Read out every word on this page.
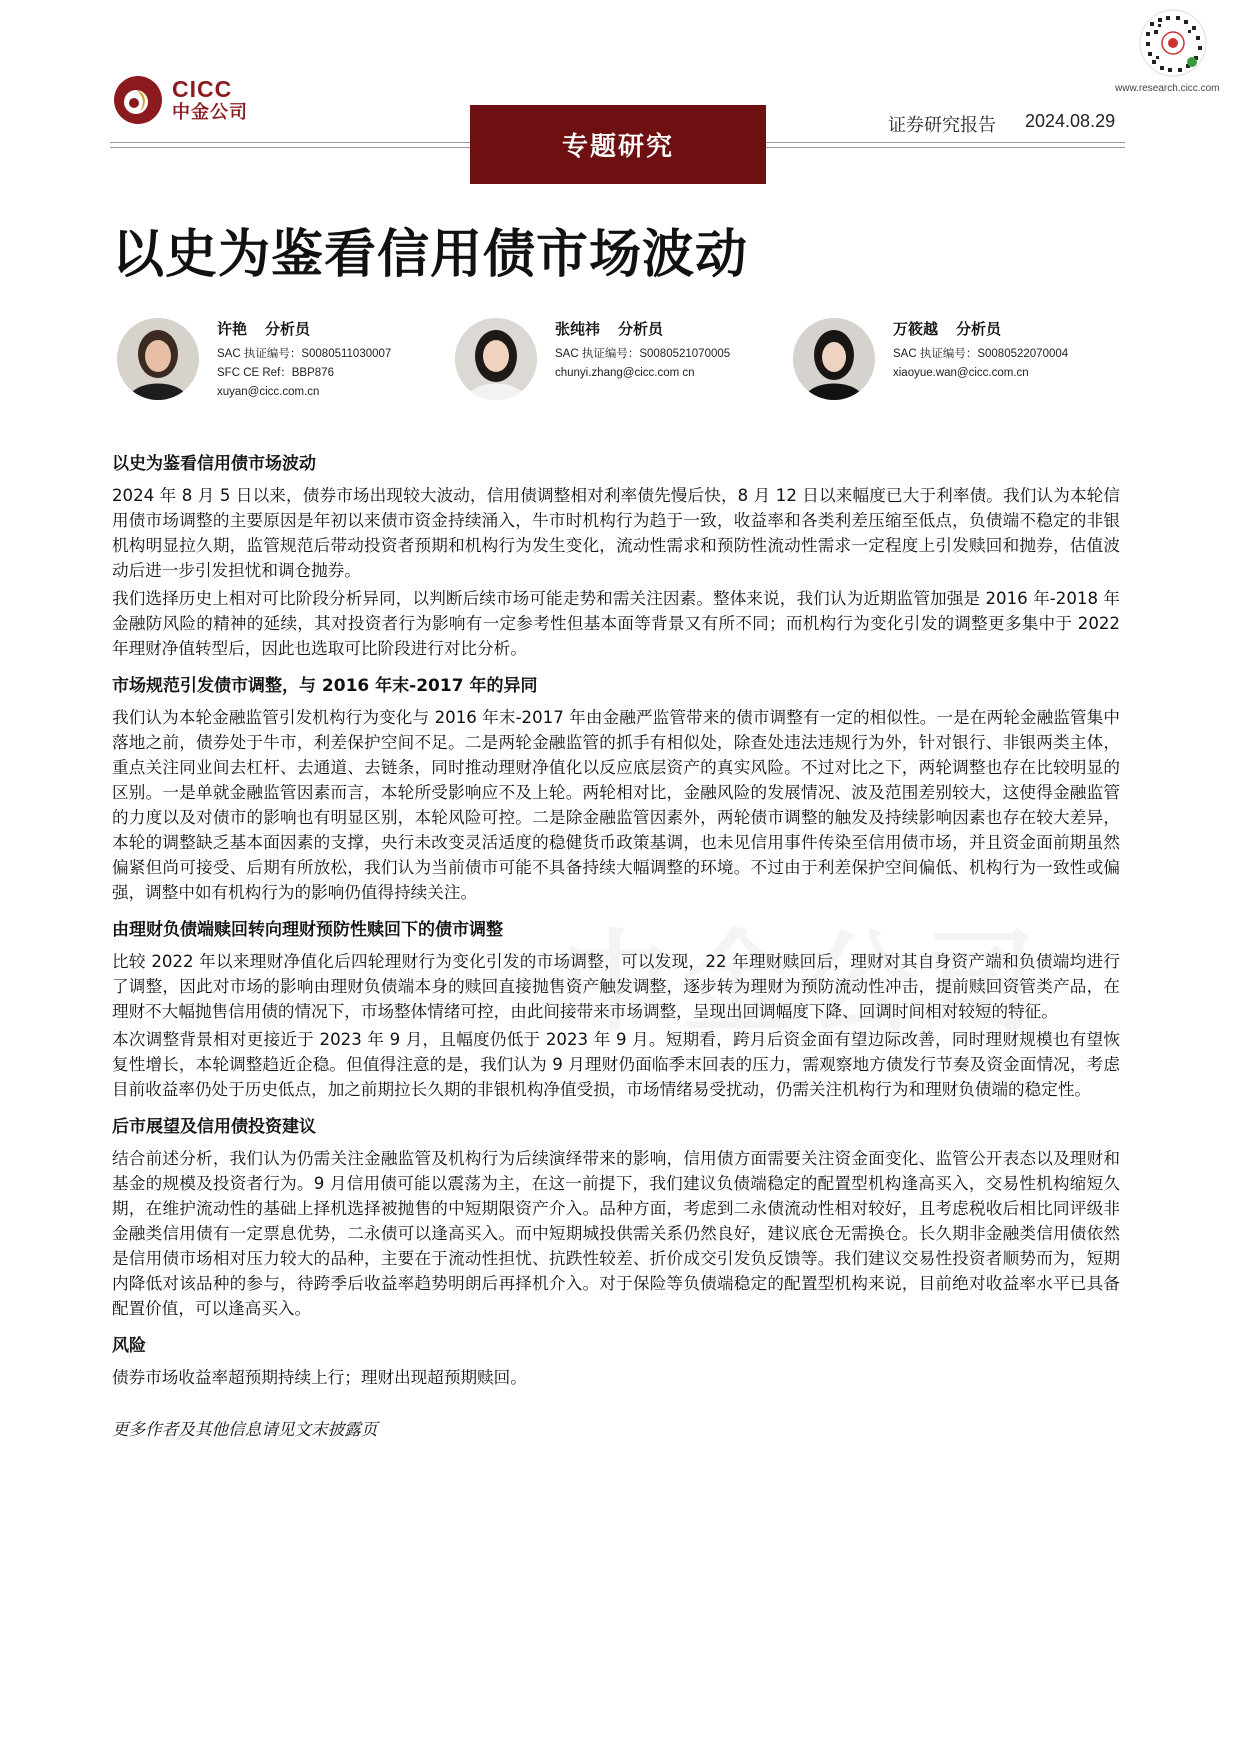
CICC
中金公司
www.research.cicc.com
专题研究
证券研究报告 2024.08.29
以史为鉴看信用债市场波动
许艳 分析员
SAC 执证编号：S0080511030007
SFC CE Ref：BBP876
xuyan@cicc.com.cn
张纯祎 分析员
SAC 执证编号：S0080521070005
chunyi.zhang@cicc.com cn
万筱越 分析员
SAC 执证编号：S0080522070004
xiaoyue.wan@cicc.com.cn
以史为鉴看信用债市场波动
2024 年 8 月 5 日以来，债券市场出现较大波动，信用债调整相对利率债先慢后快，8 月 12 日以来幅度已大于利率债。我们认为本轮信用债市场调整的主要原因是年初以来债市资金持续涌入，牛市时机构行为趋于一致，收益率和各类利差压缩至低点，负债端不稳定的非银机构明显拉久期，监管规范后带动投资者预期和机构行为发生变化，流动性需求和预防性流动性需求一定程度上引发赎回和抛券，估值波动后进一步引发担忧和调仓抛券。
我们选择历史上相对可比阶段分析异同，以判断后续市场可能走势和需关注因素。整体来说，我们认为近期监管加强是 2016 年-2018 年金融防风险的精神的延续，其对投资者行为影响有一定参考性但基本面等背景又有所不同；而机构行为变化引发的调整更多集中于 2022 年理财净值转型后，因此也选取可比阶段进行对比分析。
市场规范引发债市调整，与 2016 年末-2017 年的异同
我们认为本轮金融监管引发机构行为变化与 2016 年末-2017 年由金融严监管带来的债市调整有一定的相似性。一是在两轮金融监管集中落地之前，债券处于牛市，利差保护空间不足。二是两轮金融监管的抓手有相似处，除查处违法违规行为外，针对银行、非银两类主体，重点关注同业间去杠杆、去通道、去链条，同时推动理财净值化以反应底层资产的真实风险。不过对比之下，两轮调整也存在比较明显的区别。一是单就金融监管因素而言，本轮所受影响应不及上轮。两轮相对比，金融风险的发展情况、波及范围差别较大，这使得金融监管的力度以及对债市的影响也有明显区别，本轮风险可控。二是除金融监管因素外，两轮债市调整的触发及持续影响因素也存在较大差异，本轮的调整缺乏基本面因素的支撑，央行未改变灵活适度的稳健货币政策基调，也未见信用事件传染至信用债市场，并且资金面前期虽然偏紧但尚可接受、后期有所放松，我们认为当前债市可能不具备持续大幅调整的环境。不过由于利差保护空间偏低、机构行为一致性或偏强，调整中如有机构行为的影响仍值得持续关注。
由理财负债端赎回转向理财预防性赎回下的债市调整
比较 2022 年以来理财净值化后四轮理财行为变化引发的市场调整，可以发现，22 年理财赎回后，理财对其自身资产端和负债端均进行了调整，因此对市场的影响由理财负债端本身的赎回直接抛售资产触发调整，逐步转为理财为预防流动性冲击，提前赎回资管类产品，在理财不大幅抛售信用债的情况下，市场整体情绪可控，由此间接带来市场调整，呈现出回调幅度下降、回调时间相对较短的特征。
本次调整背景相对更接近于 2023 年 9 月，且幅度仍低于 2023 年 9 月。短期看，跨月后资金面有望边际改善，同时理财规模也有望恢复性增长，本轮调整趋近企稳。但值得注意的是，我们认为 9 月理财仍面临季末回表的压力，需观察地方债发行节奏及资金面情况，考虑目前收益率仍处于历史低点，加之前期拉长久期的非银机构净值受损，市场情绪易受扰动，仍需关注机构行为和理财负债端的稳定性。
后市展望及信用债投资建议
结合前述分析，我们认为仍需关注金融监管及机构行为后续演绎带来的影响，信用债方面需要关注资金面变化、监管公开表态以及理财和基金的规模及投资者行为。9 月信用债可能以震荡为主，在这一前提下，我们建议负债端稳定的配置型机构逢高买入，交易性机构缩短久期，在维护流动性的基础上择机选择被抛售的中短期限资产介入。品种方面，考虑到二永债流动性相对较好，且考虑税收后相比同评级非金融类信用债有一定票息优势，二永债可以逢高买入。而中短期城投供需关系仍然良好，建议底仓无需换仓。长久期非金融类信用债依然是信用债市场相对压力较大的品种，主要在于流动性担忧、抗跌性较差、折价成交引发负反馈等。我们建议交易性投资者顺势而为，短期内降低对该品种的参与，待跨季后收益率趋势明朗后再择机介入。对于保险等负债端稳定的配置型机构来说，目前绝对收益率水平已具备配置价值，可以逢高买入。
风险
债券市场收益率超预期持续上行；理财出现超预期赎回。
更多作者及其他信息请见文末披露页
